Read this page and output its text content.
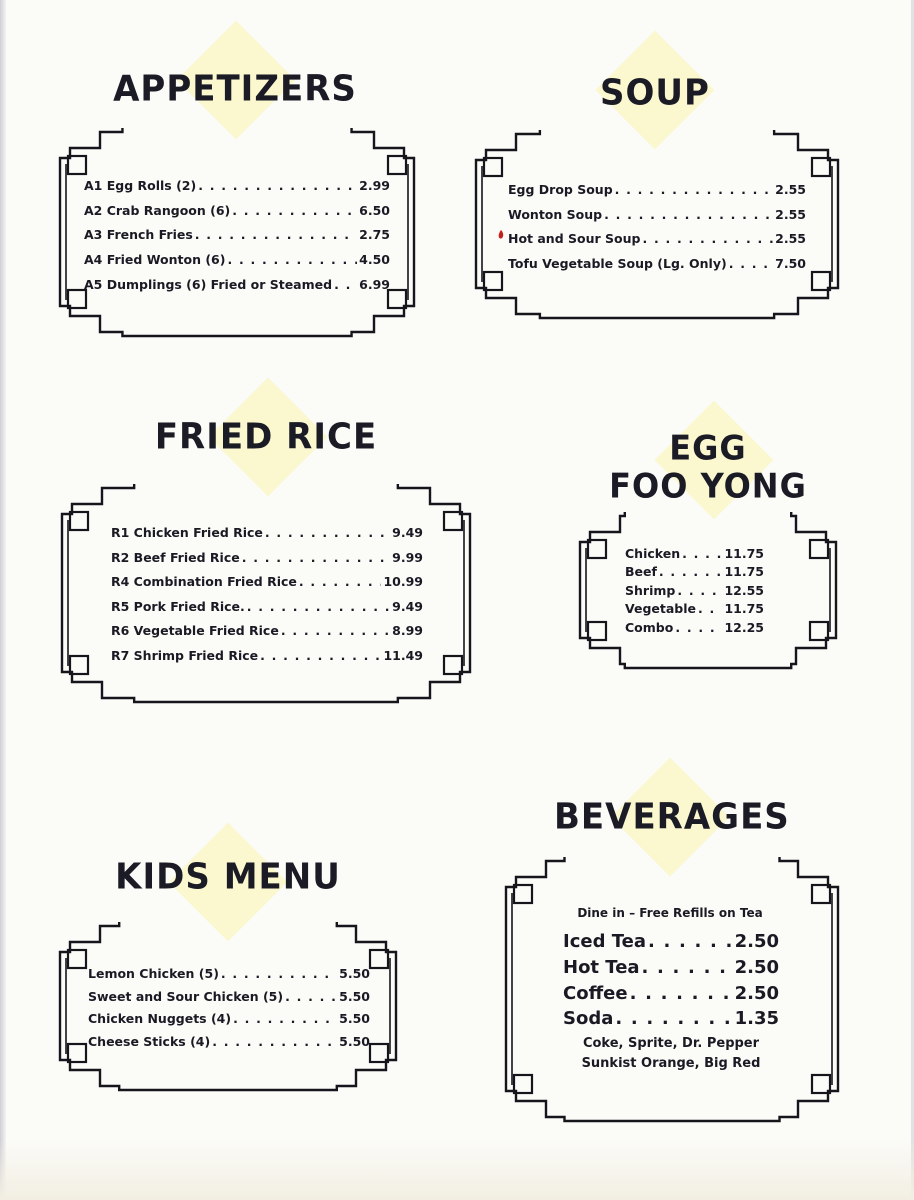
APPETIZERS
A1 Egg Rolls (2) . . .	2.99
A2 Crab Rangoon (6) . . .	6.50
A3 French Fries . . .	2.75
A4 Fried Wonton (6) . . .	4.50
A5 Dumplings (6) Fried or Steamed . . . 6.99
SOUP
Egg Drop Soup . . .	2.55
Wonton Soup . . .	2.55
Hot and Sour Soup . . .	2.55
Tofu Vegetable Soup (Lg. Only) . . .	7.50
FRIED RICE
R1 Chicken Fried Rice . . .	9.49
R2 Beef Fried Rice . . .	9.99
R4 Combination Fried Rice . . .	10.99
R5 Pork Fried Rice. . . .	9.49
R6 Vegetable Fried Rice . . .	8.99
R7 Shrimp Fried Rice . . .	11.49
EGG
FOO YONG
Chicken . . .	11.75
Beef . . .	11.75
Shrimp . . .	12.55
Vegetable . . . 11.75
Combo . . .	12.25
KIDS MENU
Lemon Chicken (5) . . .	5.50
Sweet and Sour Chicken (5) . . .	5.50
Chicken Nuggets (4) . . .	5.50
Cheese Sticks (4) . . .	5.50
BEVERAGES
Dine in – Free Refills on Tea
Iced Tea . . .	2.50
Hot Tea . . .	2.50
Coffee . . .	2.50
Soda . . .	1.35
Coke, Sprite, Dr. Pepper
Sunkist Orange, Big Red
